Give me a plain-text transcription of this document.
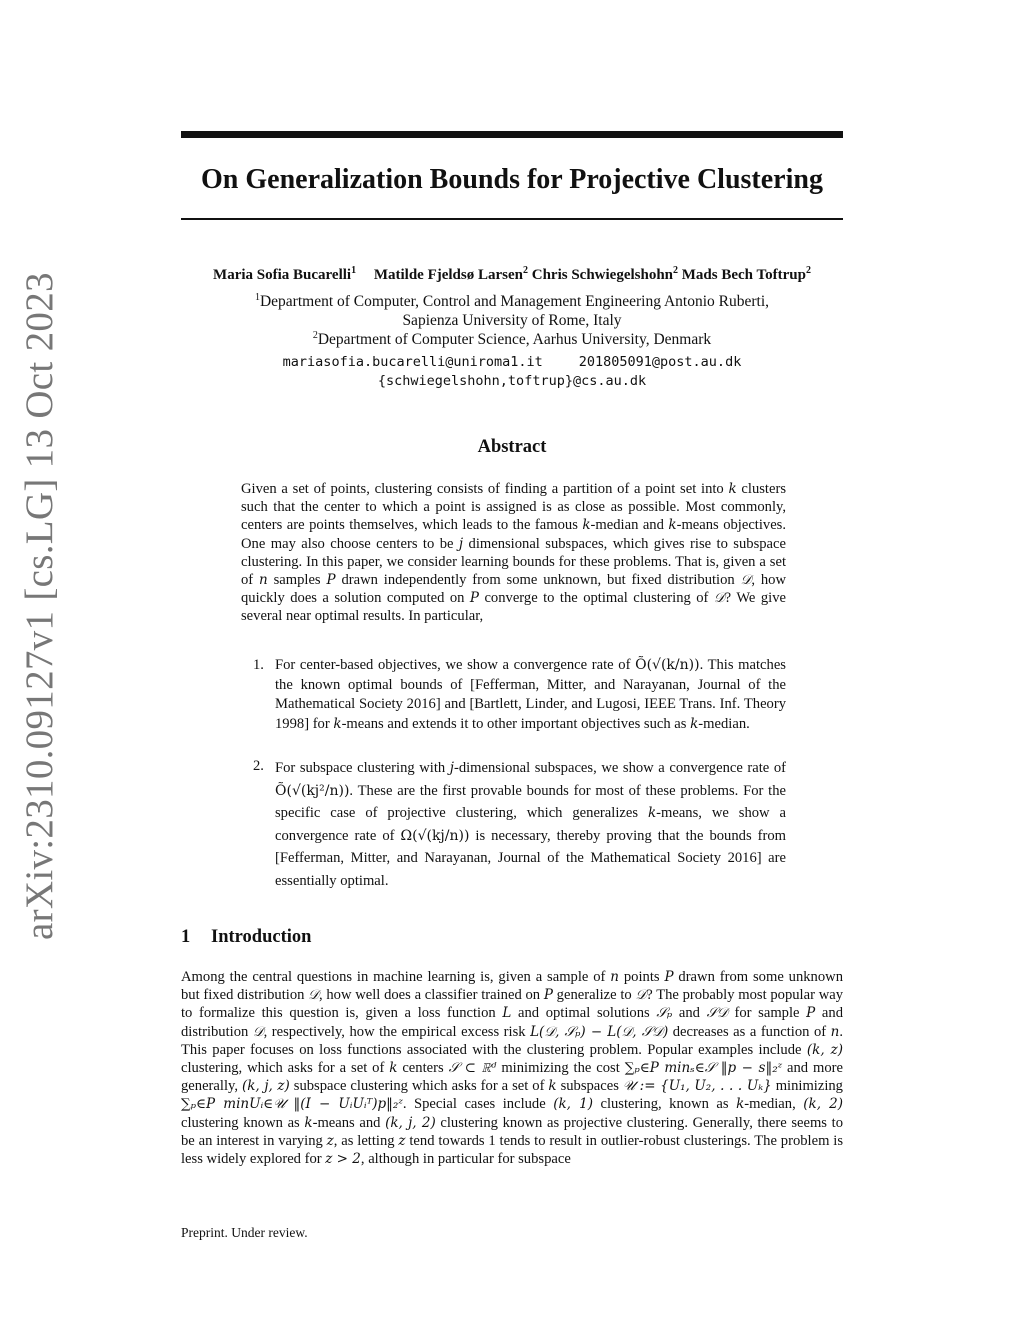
arXiv:2310.09127v1 [cs.LG] 13 Oct 2023
On Generalization Bounds for Projective Clustering
Maria Sofia Bucarelli$^1$ Matilde Fjeldsø Larsen$^2$ Chris Schwiegelshohn$^2$ Mads Bech Toftrup$^2$
$^1$Department of Computer, Control and Management Engineering Antonio Ruberti,
Sapienza University of Rome, Italy
$^2$Department of Computer Science, Aarhus University, Denmark
mariasofia.bucarelli@uniroma1.it	201805091@post.au.dk
{schwiegelshohn,toftrup}@cs.au.dk
Abstract
Given a set of points, clustering consists of finding a partition of a point set into k clusters such that the center to which a point is assigned is as close as possible. Most commonly, centers are points themselves, which leads to the famous k-median and k-means objectives. One may also choose centers to be j dimensional subspaces, which gives rise to subspace clustering. In this paper, we consider learning bounds for these problems. That is, given a set of n samples P drawn independently from some unknown, but fixed distribution 𝒟, how quickly does a solution computed on P converge to the optimal clustering of 𝒟? We give several near optimal results. In particular,
1. For center-based objectives, we show a convergence rate of Õ(√(k/n)). This matches the known optimal bounds of [Fefferman, Mitter, and Narayanan, Journal of the Mathematical Society 2016] and [Bartlett, Linder, and Lugosi, IEEE Trans. Inf. Theory 1998] for k-means and extends it to other important objectives such as k-median.
2. For subspace clustering with j-dimensional subspaces, we show a convergence rate of Õ(√(kj²/n)). These are the first provable bounds for most of these problems. For the specific case of projective clustering, which generalizes k-means, we show a convergence rate of Ω(√(kj/n)) is necessary, thereby proving that the bounds from [Fefferman, Mitter, and Narayanan, Journal of the Mathematical Society 2016] are essentially optimal.
1 Introduction
Among the central questions in machine learning is, given a sample of n points P drawn from some unknown but fixed distribution 𝒟, how well does a classifier trained on P generalize to 𝒟? The probably most popular way to formalize this question is, given a loss function L and optimal solutions 𝒮ₚ and 𝒮𝒟 for sample P and distribution 𝒟, respectively, how the empirical excess risk L(𝒟, 𝒮ₚ) − L(𝒟, 𝒮𝒟) decreases as a function of n. This paper focuses on loss functions associated with the clustering problem. Popular examples include (k, z) clustering, which asks for a set of k centers 𝒮 ⊂ ℝᵈ minimizing the cost ∑ₚ∈P minₛ∈𝒮 ‖p − s‖₂ᶻ and more generally, (k, j, z) subspace clustering which asks for a set of k subspaces 𝒰 := {U₁, U₂, . . . Uₖ} minimizing ∑ₚ∈P minUᵢ∈𝒰 ‖(I − UᵢUᵢᵀ)p‖₂ᶻ. Special cases include (k, 1) clustering, known as k-median, (k, 2) clustering known as k-means and (k, j, 2) clustering known as projective clustering. Generally, there seems to be an interest in varying z, as letting z tend towards 1 tends to result in outlier-robust clusterings. The problem is less widely explored for z > 2, although in particular for subspace
Preprint. Under review.
